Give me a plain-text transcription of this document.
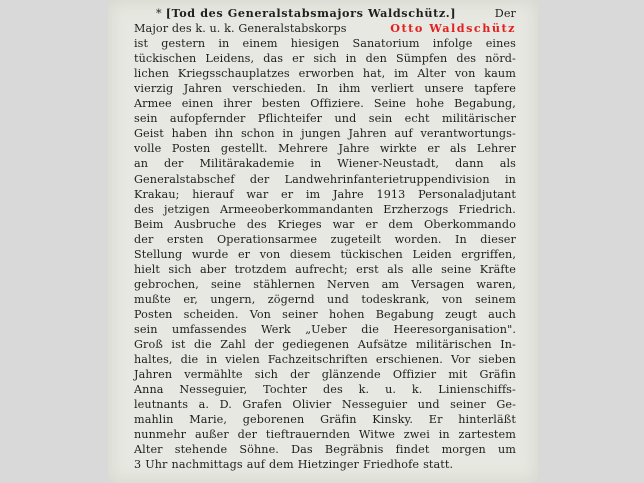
* [Tod des Generalstabsmajors Waldschütz.]	Der
Major des k. u. k. Generalstabskorps	Otto Waldschütz
ist gestern in einem hiesigen Sanatorium infolge eines
tückischen Leidens, das er sich in den Sümpfen des nörd-
lichen Kriegsschauplatzes erworben hat, im Alter von kaum
vierzig Jahren verschieden. In ihm verliert unsere tapfere
Armee einen ihrer besten Offiziere. Seine hohe Begabung,
sein aufopfernder Pflichteifer und sein echt militärischer
Geist haben ihn schon in jungen Jahren auf verantwortungs-
volle Posten gestellt. Mehrere Jahre wirkte er als Lehrer
an der Militärakademie in Wiener-Neustadt, dann als
Generalstabschef der Landwehrinfanterietruppendivision in
Krakau; hierauf war er im Jahre 1913 Personaladjutant
des jetzigen Armeeoberkommandanten Erzherzogs Friedrich.
Beim Ausbruche des Krieges war er dem Oberkommando
der ersten Operationsarmee zugeteilt worden. In dieser
Stellung wurde er von diesem tückischen Leiden ergriffen,
hielt sich aber trotzdem aufrecht; erst als alle seine Kräfte
gebrochen, seine stählernen Nerven am Versagen waren,
mußte er, ungern, zögernd und todeskrank, von seinem
Posten scheiden. Von seiner hohen Begabung zeugt auch
sein umfassendes Werk „Ueber die Heeresorganisation".
Groß ist die Zahl der gediegenen Aufsätze militärischen In-
haltes, die in vielen Fachzeitschriften erschienen. Vor sieben
Jahren vermählte sich der glänzende Offizier mit Gräfin
Anna Nesseguier, Tochter des k. u. k. Linienschiffs-
leutnants a. D. Grafen Olivier Nesseguier und seiner Ge-
mahlin Marie, geborenen Gräfin Kinsky. Er hinterläßt
nunmehr außer der tieftrauernden Witwe zwei in zartestem
Alter stehende Söhne. Das Begräbnis findet morgen um
3 Uhr nachmittags auf dem Hietzinger Friedhofe statt.
